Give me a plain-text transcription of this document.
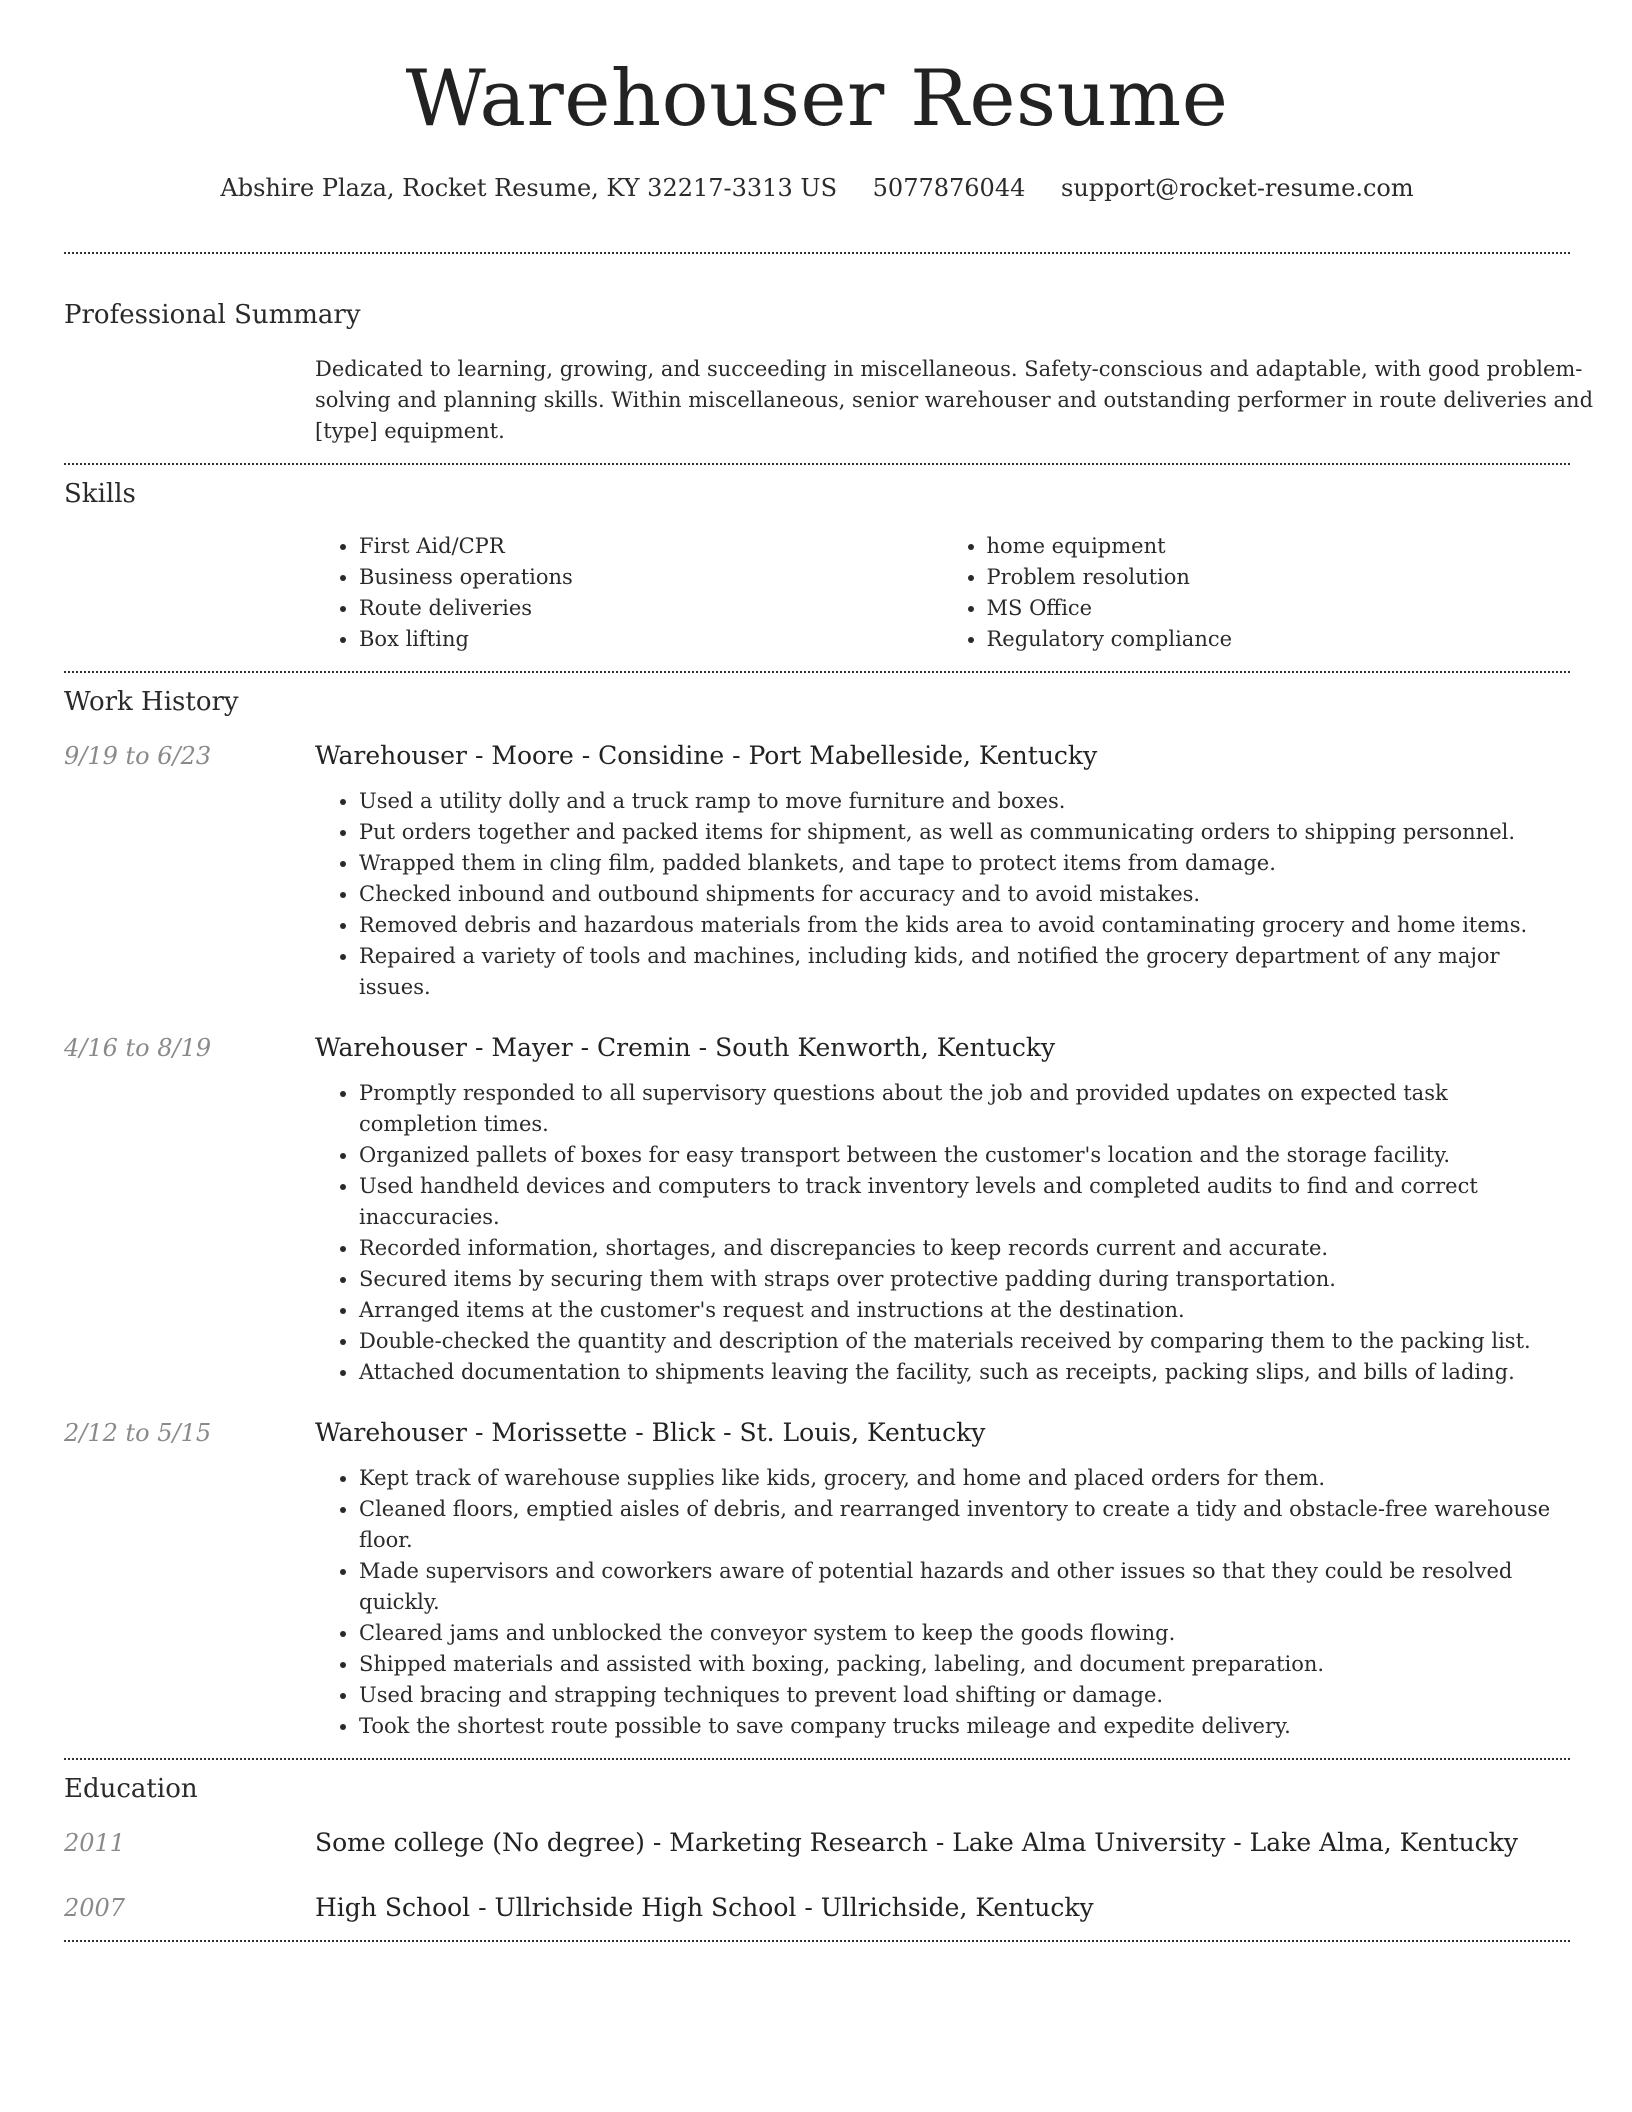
Warehouser Resume
Abshire Plaza, Rocket Resume, KY 32217-3313 US 5077876044 support@rocket-resume.com
Professional Summary
Dedicated to learning, growing, and succeeding in miscellaneous. Safety-conscious and adaptable, with good problem-solving and planning skills. Within miscellaneous, senior warehouser and outstanding performer in route deliveries and [type] equipment.
Skills
• First Aid/CPR
• Business operations
• Route deliveries
• Box lifting
• home equipment
• Problem resolution
• MS Office
• Regulatory compliance
Work History
9/19 to 6/23	Warehouser - Moore - Considine - Port Mabelleside, Kentucky
• Used a utility dolly and a truck ramp to move furniture and boxes.
• Put orders together and packed items for shipment, as well as communicating orders to shipping personnel.
• Wrapped them in cling film, padded blankets, and tape to protect items from damage.
• Checked inbound and outbound shipments for accuracy and to avoid mistakes.
• Removed debris and hazardous materials from the kids area to avoid contaminating grocery and home items.
• Repaired a variety of tools and machines, including kids, and notified the grocery department of any major issues.
4/16 to 8/19	Warehouser - Mayer - Cremin - South Kenworth, Kentucky
• Promptly responded to all supervisory questions about the job and provided updates on expected task completion times.
• Organized pallets of boxes for easy transport between the customer's location and the storage facility.
• Used handheld devices and computers to track inventory levels and completed audits to find and correct inaccuracies.
• Recorded information, shortages, and discrepancies to keep records current and accurate.
• Secured items by securing them with straps over protective padding during transportation.
• Arranged items at the customer's request and instructions at the destination.
• Double-checked the quantity and description of the materials received by comparing them to the packing list.
• Attached documentation to shipments leaving the facility, such as receipts, packing slips, and bills of lading.
2/12 to 5/15	Warehouser - Morissette - Blick - St. Louis, Kentucky
• Kept track of warehouse supplies like kids, grocery, and home and placed orders for them.
• Cleaned floors, emptied aisles of debris, and rearranged inventory to create a tidy and obstacle-free warehouse floor.
• Made supervisors and coworkers aware of potential hazards and other issues so that they could be resolved quickly.
• Cleared jams and unblocked the conveyor system to keep the goods flowing.
• Shipped materials and assisted with boxing, packing, labeling, and document preparation.
• Used bracing and strapping techniques to prevent load shifting or damage.
• Took the shortest route possible to save company trucks mileage and expedite delivery.
Education
2011	Some college (No degree) - Marketing Research - Lake Alma University - Lake Alma, Kentucky
2007	High School - Ullrichside High School - Ullrichside, Kentucky
